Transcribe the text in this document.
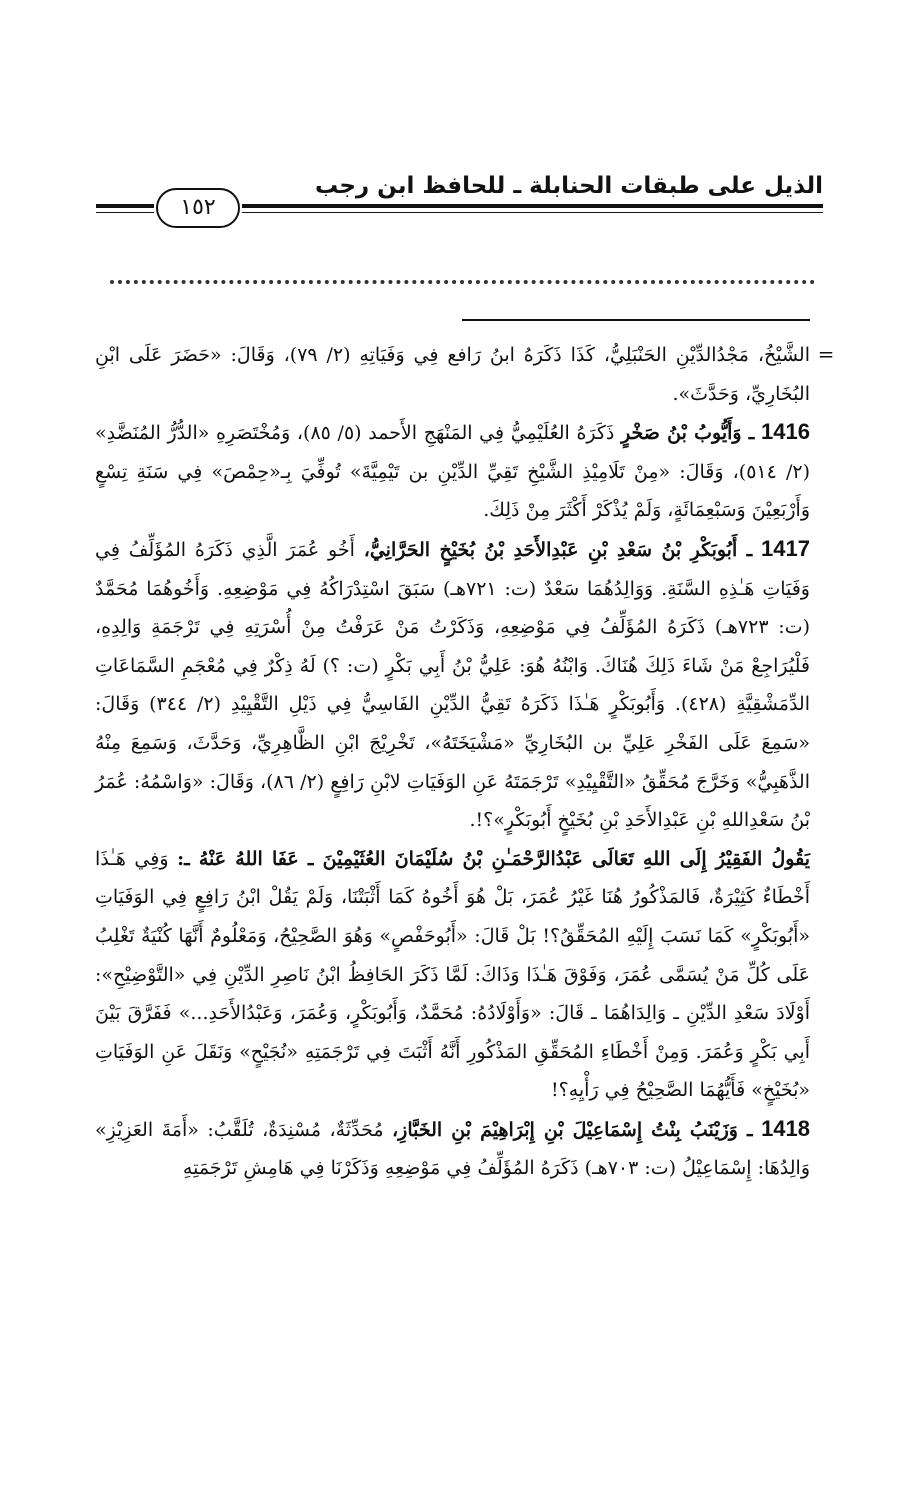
الذيل على طبقات الحنابلة ـ للحافظ ابن رجب
١٥٢
=

الشَّيْخُ، مَجْدُالدِّيْنِ الحَنْبَلِيُّ، كَذَا ذَكَرَهُ ابنُ رَافع فِي وَفَيَاتِهِ (٢/ ٧٩)، وَقَالَ: «حَضَرَ عَلَى ابْنِ البُخَارِيِّ، وَحَدَّثَ».

1416 ـ وَأَيُّوبُ بْنُ صَخْرٍ ذَكَرَهُ العُلَيْمِيُّ فِي المَنْهَجِ الأَحمد (٥/ ٨٥)، وَمُخْتَصَرِهِ «الدُّرُّ المُنَضَّدِ» (٢/ ٥١٤)، وَقَالَ: «مِنْ تَلَامِيْذِ الشَّيْخِ تَقِيِّ الدِّيْنِ بن تَيْمِيَّةَ» تُوفِّيَ بِـ«حِمْصَ» فِي سَنَةِ تِسْعٍ وَأَرْبَعِيْنَ وَسَبْعِمَائَةٍ، وَلَمْ يُذْكَرْ أَكْثَرَ مِنْ ذَلِكَ.

1417 ـ أَبُوبَكْرِ بْنُ سَعْدِ بْنِ عَبْدِالأَحَدِ بْنُ بُخَيْخٍ الحَرَّانِيُّ، أَخُو عُمَرَ الَّذِي ذَكَرَهُ المُؤَلِّفُ فِي وَفَيَاتِ هَـٰذِهِ السَّنَةِ. وَوَالِدُهُمَا سَعْدٌ (ت: ٧٢١هـ) سَبَقَ اسْتِدْرَاكُهُ فِي مَوْضِعِهِ. وَأَخُوهُمَا مُحَمَّدٌ (ت: ٧٢٣هـ) ذَكَرَهُ المُؤَلِّفُ فِي مَوْضِعِهِ، وَذَكَرْتُ مَنْ عَرَفْتُ مِنْ أُسْرَتِهِ فِي تَرْجَمَةِ وَالِدِهِ، فَلْيُرَاجِعْ مَنْ شَاءَ ذَلِكَ هُنَاكَ. وَابْنُهُ هُوَ: عَلِيُّ بْنُ أَبِي بَكْرٍ (ت: ؟) لَهُ ذِكْرٌ فِي مُعْجَمِ السَّمَاعَاتِ الدِّمَشْقِيَّةِ (٤٢٨). وَأَبُوبَكْرٍ هَـٰذَا ذَكَرَهُ تَقِيُّ الدِّيْنِ الفَاسِيُّ فِي ذَيْلِ التَّقْيِيْدِ (٢/ ٣٤٤) وَقَالَ: «سَمِعَ عَلَى الفَخْرِ عَلِيِّ بن البُخَارِيِّ «مَشْيَخَتَهُ»، تَخْرِيْجَ ابْنِ الظَّاهِرِيِّ، وَحَدَّثَ، وَسَمِعَ مِنْهُ الذَّهَبِيُّ» وَخَرَّجَ مُحَقِّقُ «التَّقْيِيْدِ» تَرْجَمَتَهُ عَنِ الوَفَيَاتِ لابْنِ رَافِعٍ (٢/ ٨٦)، وَقَالَ: «وَاسْمُهُ: عُمَرُ بْنُ سَعْدِاللهِ بْنِ عَبْدِالأَحَدِ بْنِ بُخَيْخٍ أَبُوبَكْرٍ»؟!.

يَقُولُ الفَقِيْرُ إِلَى اللهِ تَعَالَى عَبْدُالرَّحْمَـٰنِ بْنُ سُلَيْمَانَ العُثَيْمِيْنَ ـ عَفَا اللهُ عَنْهُ ـ: وَفِي هَـٰذَا أَخْطَاءٌ كَثِيْرَةٌ، فَالمَذْكُورُ هُنَا غَيْرُ عُمَرَ، بَلْ هُوَ أَخُوهُ كَمَا أَثْبَتْنَا، وَلَمْ يَقُلْ ابْنُ رَافِعٍ فِي الوَفَيَاتِ «أَبُوبَكْرٍ» كَمَا نَسَبَ إِلَيْهِ المُحَقِّقُ؟! بَلْ قَالَ: «أَبُوحَفْصٍ» وَهُوَ الصَّحِيْحُ، وَمَعْلُومٌ أَنَّهَا كُنْيَةٌ تَغْلِبُ عَلَى كُلِّ مَنْ يُسَمَّى عُمَرَ، وَفَوْقَ هَـٰذَا وَذَاكَ: لَمَّا ذَكَرَ الحَافِظُ ابْنُ نَاصِرِ الدِّيْنِ فِي «التَّوْضِيْحِ»: أَوْلَادَ سَعْدِ الدِّيْنِ ـ وَالِدَاهُمَا ـ قَالَ: «وَأَوْلَادُهُ: مُحَمَّدٌ، وَأَبُوبَكْرٍ، وَعُمَرَ، وَعَبْدُالأَحَدِ...» فَفَرَّقَ بَيْنَ أَبِي بَكْرٍ وَعُمَرَ. وَمِنْ أَخْطَاءِ المُحَقِّقِ المَذْكُورِ أَنَّهُ أَثْبَتَ فِي تَرْجَمَتِهِ «نُجَيْحٍ» وَنَقَلَ عَنِ الوَفَيَاتِ «بُخَيْخٍ» فَأَيُّهُمَا الصَّحِيْحُ فِي رَأْيِهِ؟!

1418 ـ وَزَيْنَبُ بِنْتُ إِسْمَاعِيْلَ بْنِ إِبْرَاهِيْمَ بْنِ الخَبَّازِ، مُحَدِّثَةٌ، مُسْنِدَةٌ، تُلَقَّبُ: «أَمَةَ العَزِيْزِ» وَالِدُهَا: إِسْمَاعِيْلُ (ت: ٧٠٣هـ) ذَكَرَهُ المُؤَلِّفُ فِي مَوْضِعِهِ وَذَكَرْنَا فِي هَامِشِ تَرْجَمَتِهِ
